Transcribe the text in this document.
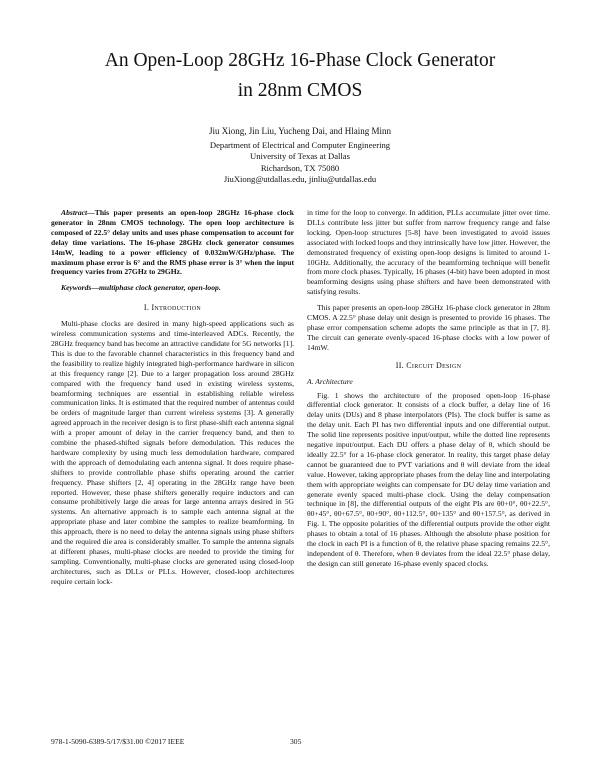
An Open-Loop 28GHz 16-Phase Clock Generator
in 28nm CMOS
Jiu Xiong, Jin Liu, Yucheng Dai, and Hlaing Minn
Department of Electrical and Computer Engineering
University of Texas at Dallas
Richardson, TX 75080
JiuXiong@utdallas.edu, jinliu@utdallas.edu

Abstract—This paper presents an open-loop 28GHz 16-phase clock generator in 28nm CMOS technology. The open loop architecture is composed of 22.5° delay units and uses phase compensation to account for delay time variations. The 16-phase 28GHz clock generator consumes 14mW, leading to a power efficiency of 0.032mW/GHz/phase. The maximum phase error is 6° and the RMS phase error is 3° when the input frequency varies from 27GHz to 29GHz.

Keywords—multiphase clock generator, open-loop.

I. Introduction

Multi-phase clocks are desired in many high-speed applications such as wireless communication systems and time-interleaved ADCs. Recently, the 28GHz frequency band has become an attractive candidate for 5G networks [1]. This is due to the favorable channel characteristics in this frequency band and the feasibility to realize highly integrated high-performance hardware in silicon at this frequency range [2]. Due to a larger propagation loss around 28GHz compared with the frequency band used in existing wireless systems, beamforming techniques are essential in establishing reliable wireless communication links. It is estimated that the required number of antennas could be orders of magnitude larger than current wireless systems [3]. A generally agreed approach in the receiver design is to first phase-shift each antenna signal with a proper amount of delay in the carrier frequency band, and then to combine the phased-shifted signals before demodulation. This reduces the hardware complexity by using much less demodulation hardware, compared with the approach of demodulating each antenna signal. It does require phase-shifters to provide controllable phase shifts operating around the carrier frequency. Phase shifters [2, 4] operating in the 28GHz range have been reported. However, these phase shifters generally require inductors and can consume prohibitively large die areas for large antenna arrays desired in 5G systems. An alternative approach is to sample each antenna signal at the appropriate phase and later combine the samples to realize beamforming. In this approach, there is no need to delay the antenna signals using phase shifters and the required die area is considerably smaller. To sample the antenna signals at different phases, multi-phase clocks are needed to provide the timing for sampling. Conventionally, multi-phase clocks are generated using closed-loop architectures, such as DLLs or PLLs. However, closed-loop architectures require certain lock-

in time for the loop to converge. In addition, PLLs accumulate jitter over time. DLLs contribute less jitter but suffer from narrow frequency range and false locking. Open-loop structures [5-8] have been investigated to avoid issues associated with locked loops and they intrinsically have low jitter. However, the demonstrated frequency of existing open-loop designs is limited to around 1-10GHz. Additionally, the accuracy of the beamforming technique will benefit from more clock phases. Typically, 16 phases (4-bit) have been adopted in most beamforming designs using phase shifters and have been demonstrated with satisfying results.

This paper presents an open-loop 28GHz 16-phase clock generator in 28nm CMOS. A 22.5° phase delay unit design is presented to provide 16 phases. The phase error compensation scheme adopts the same principle as that in [7, 8]. The circuit can generate evenly-spaced 16-phase clocks with a low power of 14mW.

II. Circuit Design
A. Architecture

Fig. 1 shows the architecture of the proposed open-loop 16-phase differential clock generator. It consists of a clock buffer, a delay line of 16 delay units (DUs) and 8 phase interpolators (PIs). The clock buffer is same as the delay unit. Each PI has two differential inputs and one differential output. The solid line represents positive input/output, while the dotted line represents negative input/output. Each DU offers a phase delay of θ, which should be ideally 22.5° for a 16-phase clock generator. In reality, this target phase delay cannot be guaranteed due to PVT variations and θ will deviate from the ideal value. However, taking appropriate phases from the delay line and interpolating them with appropriate weights can compensate for DU delay time variation and generate evenly spaced multi-phase clock. Using the delay compensation technique in [8], the differential outputs of the eight PIs are θ0+0°, θ0+22.5°, θ0+45°, θ0+67.5°, θ0+90°, θ0+112.5°, θ0+135° and θ0+157.5°, as derived in Fig. 1. The opposite polarities of the differential outputs provide the other eight phases to obtain a total of 16 phases. Although the absolute phase position for the clock in each PI is a function of θ, the relative phase spacing remains 22.5°, independent of θ. Therefore, when θ deviates from the ideal 22.5° phase delay, the design can still generate 16-phase evenly spaced clocks.

978-1-5090-6389-5/17/$31.00 ©2017 IEEE	305
